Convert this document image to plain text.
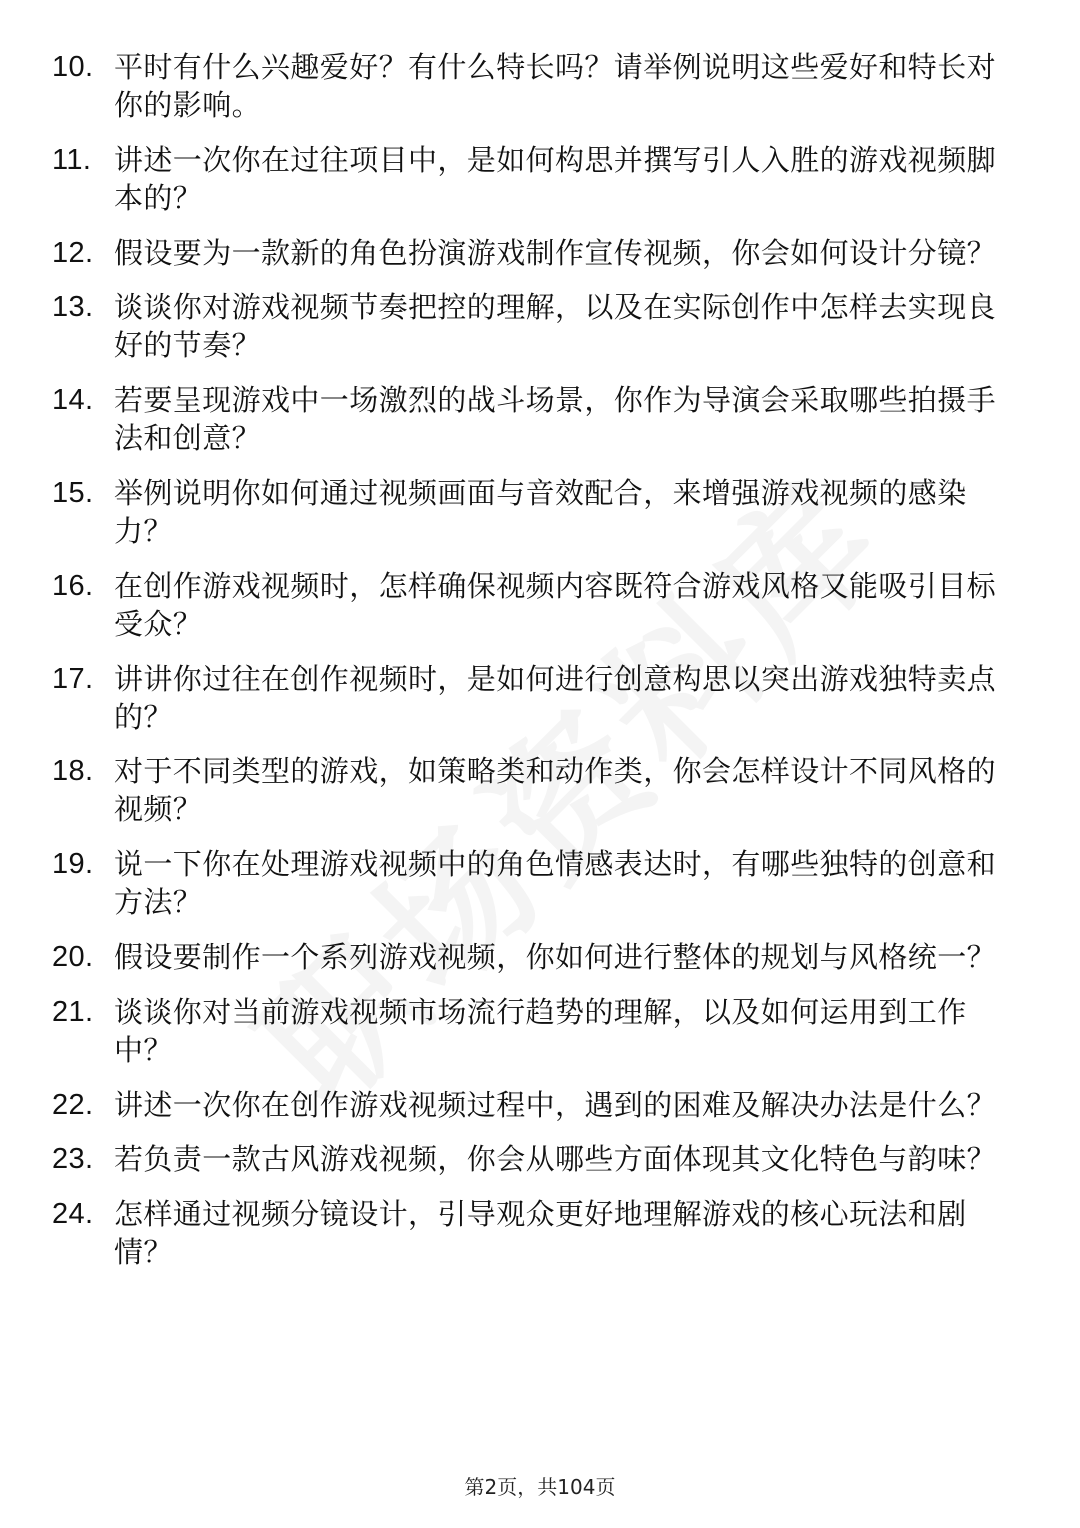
10. 平时有什么兴趣爱好？有什么特长吗？请举例说明这些爱好和特长对你的影响。
11. 讲述一次你在过往项目中，是如何构思并撰写引人入胜的游戏视频脚本的？
12. 假设要为一款新的角色扮演游戏制作宣传视频，你会如何设计分镜？
13. 谈谈你对游戏视频节奏把控的理解，以及在实际创作中怎样去实现良好的节奏？
14. 若要呈现游戏中一场激烈的战斗场景，你作为导演会采取哪些拍摄手法和创意？
15. 举例说明你如何通过视频画面与音效配合，来增强游戏视频的感染力？
16. 在创作游戏视频时，怎样确保视频内容既符合游戏风格又能吸引目标受众？
17. 讲讲你过往在创作视频时，是如何进行创意构思以突出游戏独特卖点的？
18. 对于不同类型的游戏，如策略类和动作类，你会怎样设计不同风格的视频？
19. 说一下你在处理游戏视频中的角色情感表达时，有哪些独特的创意和方法？
20. 假设要制作一个系列游戏视频，你如何进行整体的规划与风格统一？
21. 谈谈你对当前游戏视频市场流行趋势的理解，以及如何运用到工作中？
22. 讲述一次你在创作游戏视频过程中，遇到的困难及解决办法是什么？
23. 若负责一款古风游戏视频，你会从哪些方面体现其文化特色与韵味？
24. 怎样通过视频分镜设计，引导观众更好地理解游戏的核心玩法和剧情？
第2页，共104页
